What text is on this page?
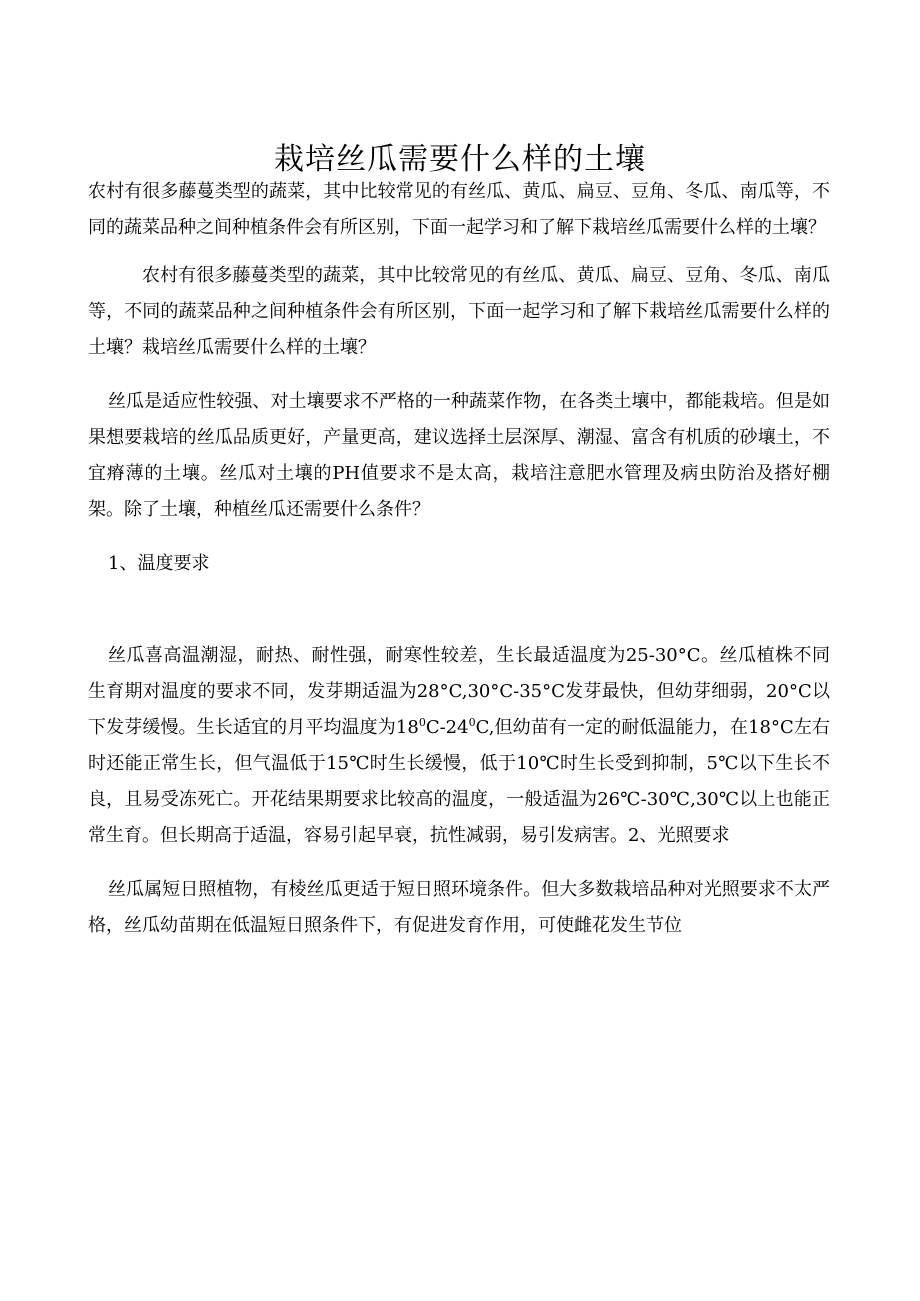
栽培丝瓜需要什么样的土壤

农村有很多藤蔓类型的蔬菜，其中比较常见的有丝瓜、黄瓜、扁豆、豆角、冬瓜、南瓜等，不同的蔬菜品种之间种植条件会有所区别，下面一起学习和了解下栽培丝瓜需要什么样的土壤？

农村有很多藤蔓类型的蔬菜，其中比较常见的有丝瓜、黄瓜、扁豆、豆角、冬瓜、南瓜等，不同的蔬菜品种之间种植条件会有所区别，下面一起学习和了解下栽培丝瓜需要什么样的土壤？栽培丝瓜需要什么样的土壤？

丝瓜是适应性较强、对土壤要求不严格的一种蔬菜作物，在各类土壤中，都能栽培。但是如果想要栽培的丝瓜品质更好，产量更高，建议选择土层深厚、潮湿、富含有机质的砂壤土，不宜瘠薄的土壤。丝瓜对土壤的PH值要求不是太高，栽培注意肥水管理及病虫防治及搭好棚架。除了土壤，种植丝瓜还需要什么条件？

1、温度要求

丝瓜喜高温潮湿，耐热、耐性强，耐寒性较差，生长最适温度为25-30°C。丝瓜植株不同生育期对温度的要求不同，发芽期适温为28°C,30°C-35°C发芽最快，但幼芽细弱，20°C以下发芽缓慢。生长适宜的月平均温度为$18^0C-24^0C$,但幼苗有一定的耐低温能力，在18°C左右时还能正常生长，但气温低于15℃时生长缓慢，低于10℃时生长受到抑制，5℃以下生长不良，且易受冻死亡。开花结果期要求比较高的温度，一般适温为26℃-30℃,30℃以上也能正常生育。但长期高于适温，容易引起早衰，抗性减弱，易引发病害。2、光照要求

丝瓜属短日照植物，有棱丝瓜更适于短日照环境条件。但大多数栽培品种对光照要求不太严格，丝瓜幼苗期在低温短日照条件下，有促进发育作用，可使雌花发生节位
